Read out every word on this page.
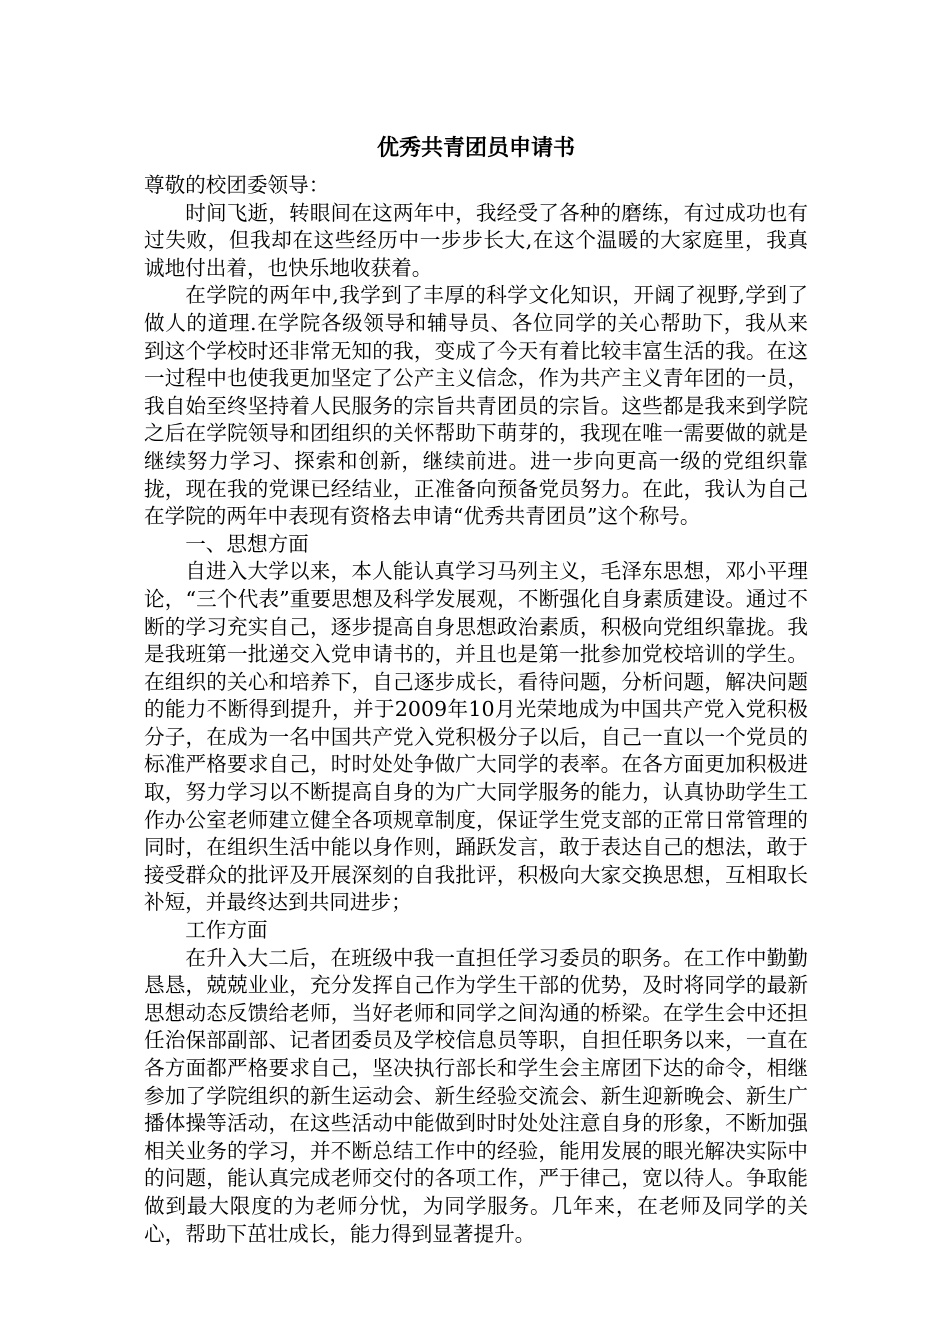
优秀共青团员申请书

尊敬的校团委领导：

时间飞逝，转眼间在这两年中，我经受了各种的磨练，有过成功也有过失败，但我却在这些经历中一步步长大,在这个温暖的大家庭里，我真诚地付出着，也快乐地收获着。

在学院的两年中,我学到了丰厚的科学文化知识，开阔了视野,学到了做人的道理.在学院各级领导和辅导员、各位同学的关心帮助下，我从来到这个学校时还非常无知的我，变成了今天有着比较丰富生活的我。在这一过程中也使我更加坚定了公产主义信念，作为共产主义青年团的一员，我自始至终坚持着人民服务的宗旨共青团员的宗旨。这些都是我来到学院之后在学院领导和团组织的关怀帮助下萌芽的，我现在唯一需要做的就是继续努力学习、探索和创新，继续前进。进一步向更高一级的党组织靠拢，现在我的党课已经结业，正准备向预备党员努力。在此，我认为自己在学院的两年中表现有资格去申请“优秀共青团员”这个称号。

一、思想方面

自进入大学以来，本人能认真学习马列主义，毛泽东思想，邓小平理论，“三个代表”重要思想及科学发展观，不断强化自身素质建设。通过不断的学习充实自己，逐步提高自身思想政治素质，积极向党组织靠拢。我是我班第一批递交入党申请书的，并且也是第一批参加党校培训的学生。在组织的关心和培养下，自己逐步成长，看待问题，分析问题，解决问题的能力不断得到提升，并于2009年10月光荣地成为中国共产党入党积极分子，在成为一名中国共产党入党积极分子以后，自己一直以一个党员的标准严格要求自己，时时处处争做广大同学的表率。在各方面更加积极进取，努力学习以不断提高自身的为广大同学服务的能力，认真协助学生工作办公室老师建立健全各项规章制度，保证学生党支部的正常日常管理的同时，在组织生活中能以身作则，踊跃发言，敢于表达自己的想法，敢于接受群众的批评及开展深刻的自我批评，积极向大家交换思想，互相取长补短，并最终达到共同进步；

工作方面

在升入大二后，在班级中我一直担任学习委员的职务。在工作中勤勤恳恳，兢兢业业，充分发挥自己作为学生干部的优势，及时将同学的最新思想动态反馈给老师，当好老师和同学之间沟通的桥梁。在学生会中还担任治保部副部、记者团委员及学校信息员等职，自担任职务以来，一直在各方面都严格要求自己，坚决执行部长和学生会主席团下达的命令，相继参加了学院组织的新生运动会、新生经验交流会、新生迎新晚会、新生广播体操等活动，在这些活动中能做到时时处处注意自身的形象，不断加强相关业务的学习，并不断总结工作中的经验，能用发展的眼光解决实际中的问题，能认真完成老师交付的各项工作，严于律己，宽以待人。争取能做到最大限度的为老师分忧，为同学服务。几年来，在老师及同学的关心，帮助下茁壮成长，能力得到显著提升。
